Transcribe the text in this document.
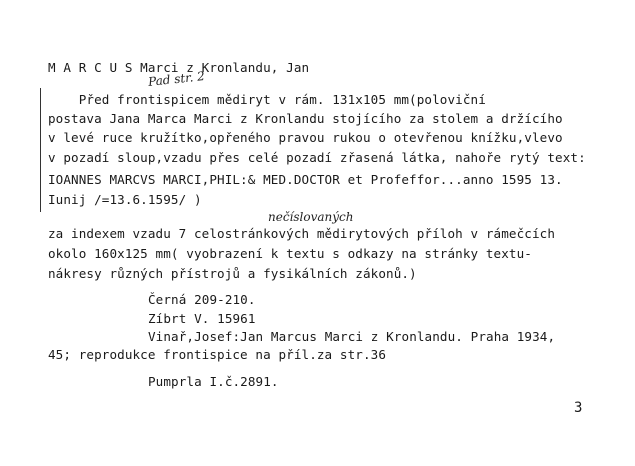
M A R C U S Marci z Kronlandu, Jan
Pad str. 2
Před frontispicem mědiryt v rám. 131x105 mm(poloviční
postava Jana Marca Marci z Kronlandu stojícího za stolem a držícího
v levé ruce kružítko,opřeného pravou rukou o otevřenou knížku,vlevo
v pozadí sloup,vzadu přes celé pozadí zřasená látka, nahoře rytý text:
IOANNES MARCVS MARCI,PHIL:& MED.DOCTOR et Profeffor...anno 1595 13.
Iunij /=13.6.1595/ )
nečíslovaných
za indexem vzadu 7 celostránkových mědirytových příloh v rámečcích
okolo 160x125 mm( vyobrazení k textu s odkazy na stránky textu-
nákresy různých přístrojů a fysikálních zákonů.)
Černá 209-210.
Zíbrt V. 15961
Vinař,Josef:Jan Marcus Marci z Kronlandu. Praha 1934,
45; reprodukce frontispice na příl.za str.36
Pumprla I.č.2891.
3
